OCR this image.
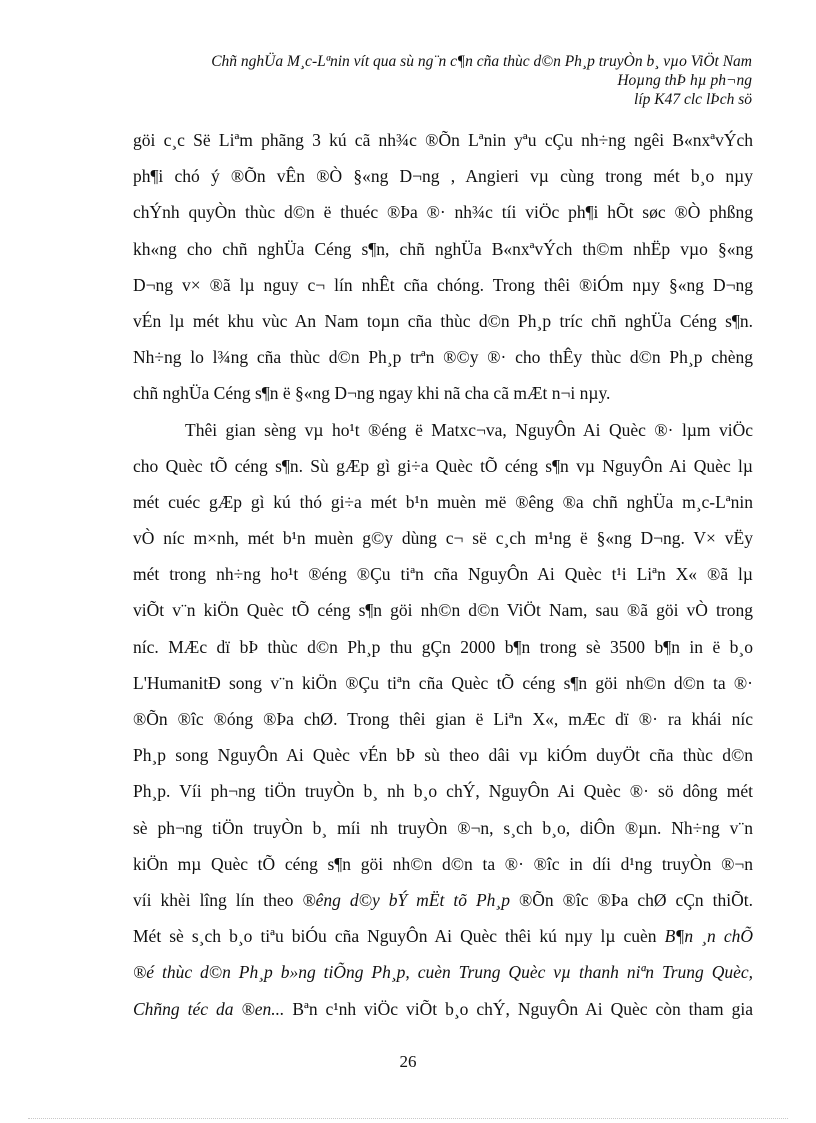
Chñ nghÜa M¸c-Lªnin vít qua sù ng¨n c¶n cña thùc d©n Ph¸p truyÒn b¸ vµo ViÖt Nam
Hoµng thÞ hµ ph¬ng
líp K47 clc lÞch sö
göi c¸c Së Liªm phãng 3 kú cã nh¾c ®Õn Lªnin yªu cÇu nh÷ng ngêi B«nxªvÝch
ph¶i chó ý ®Õn vÊn ®Ò §«ng D¬ng , Angieri vµ cùng trong mét b¸o nµy
chÝnh quyÒn thùc d©n ë thuéc ®Þa ®· nh¾c tíi viÖc ph¶i hÕt søc ®Ò phßng
kh«ng cho chñ nghÜa Céng s¶n, chñ nghÜa B«nxªvÝch th©m nhËp vµo §«ng
D¬ng v× ®ã lµ nguy c¬ lín nhÊt cña chóng. Trong thêi ®iÓm nµy §«ng D¬ng
vÉn lµ mét khu vùc An Nam toµn cña thùc d©n Ph¸p tríc chñ nghÜa Céng s¶n.
Nh÷ng lo l¾ng cña thùc d©n Ph¸p trªn ®©y ®· cho thÊy thùc d©n Ph¸p chèng
chñ nghÜa Céng s¶n ë §«ng D¬ng ngay khi nã cha cã mÆt n¬i nµy.
Thêi gian sèng vµ ho¹t ®éng ë Matxc¬va, NguyÔn Ai Quèc ®· lµm viÖc
cho Quèc tÕ céng s¶n. Sù gÆp gì gi÷a Quèc tÕ céng s¶n vµ NguyÔn Ai Quèc lµ
mét cuéc gÆp gì kú thó gi÷a mét b¹n muèn më ®êng ®a chñ nghÜa m¸c-Lªnin
vÒ níc m×nh, mét b¹n muèn g©y dùng c¬ së c¸ch m¹ng ë §«ng D¬ng. V× vËy
mét trong nh÷ng ho¹t ®éng ®Çu tiªn cña NguyÔn Ai Quèc t¹i Liªn X« ®ã lµ
viÕt v¨n kiÖn Quèc tÕ céng s¶n göi nh©n d©n ViÖt Nam, sau ®ã göi vÒ trong
níc. MÆc dï bÞ thùc d©n Ph¸p thu gÇn 2000 b¶n trong sè 3500 b¶n in ë b¸o
L'HumanitÐ song v¨n kiÖn ®Çu tiªn cña Quèc tÕ céng s¶n göi nh©n d©n ta ®·
®Õn ®îc ®óng ®Þa chØ. Trong thêi gian ë Liªn X«, mÆc dï ®· ra khái níc
Ph¸p song NguyÔn Ai Quèc vÉn bÞ sù theo dâi vµ kiÓm duyÖt cña thùc d©n
Ph¸p. Víi ph¬ng tiÖn truyÒn b¸ nh b¸o chÝ, NguyÔn Ai Quèc ®· sö dông mét
sè ph¬ng tiÖn truyÒn b¸ míi nh truyÒn ®¬n, s¸ch b¸o, diÔn ®µn. Nh÷ng v¨n
kiÖn mµ Quèc tÕ céng s¶n göi nh©n d©n ta ®· ®îc in díi d¹ng truyÒn ®¬n
víi khèi lîng lín theo ®êng d©y bÝ mËt tõ Ph¸p ®Õn ®îc ®Þa chØ cÇn thiÕt.
Mét sè s¸ch b¸o tiªu biÓu cña NguyÔn Ai Quèc thêi kú nµy lµ cuèn B¶n ¸n chÕ
®é thùc d©n Ph¸p b»ng tiÕng Ph¸p, cuèn Trung Quèc vµ thanh niªn Trung Quèc,
Chñng téc da ®en... Bªn c¹nh viÖc viÕt b¸o chÝ, NguyÔn Ai Quèc còn tham gia
26
